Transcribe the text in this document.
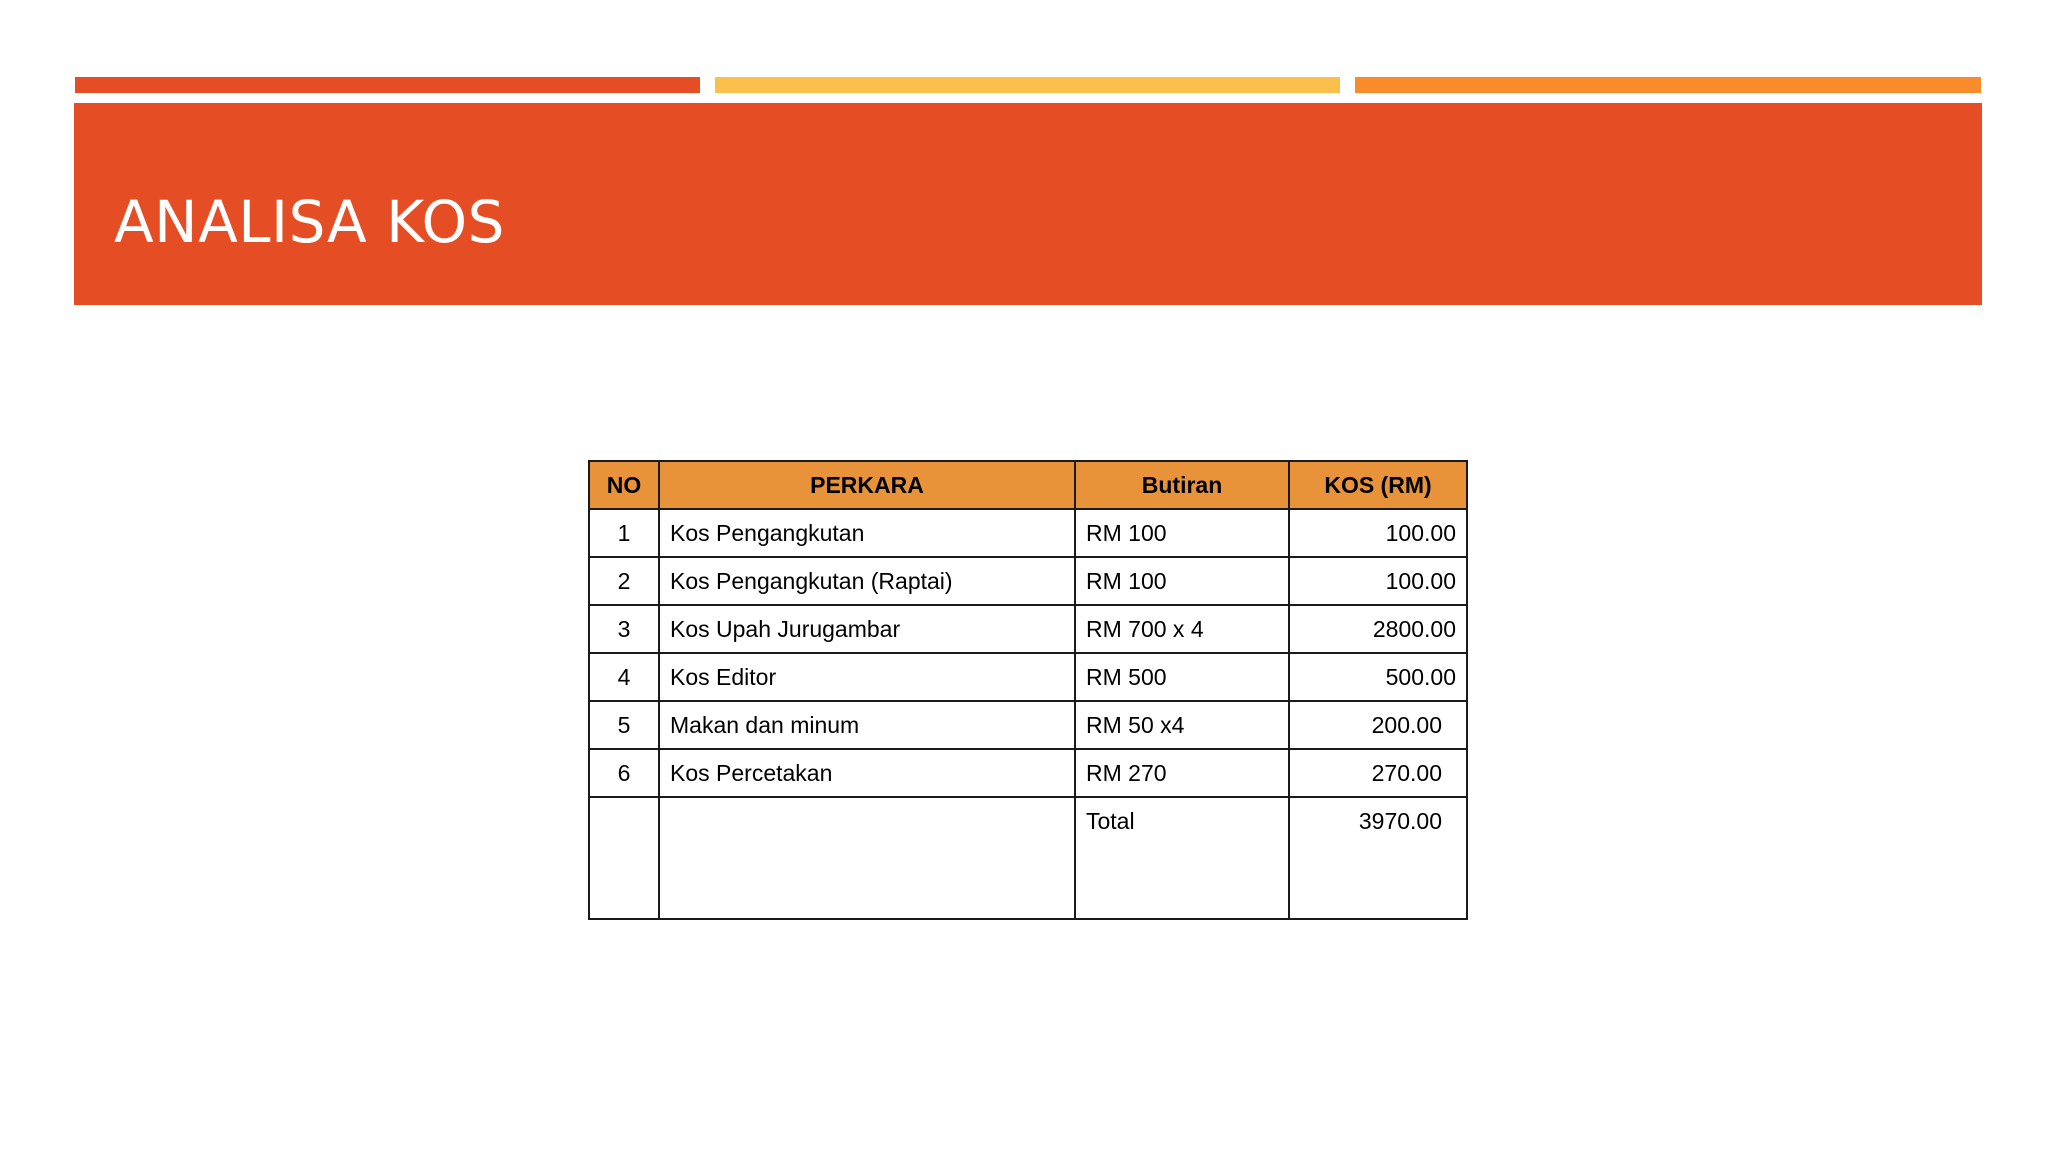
ANALISA KOS
NO	PERKARA	Butiran	KOS (RM)
1	Kos Pengangkutan	RM 100	100.00
2	Kos Pengangkutan (Raptai)	RM 100	100.00
3	Kos Upah Jurugambar	RM 700 x 4	2800.00
4	Kos Editor	RM 500	500.00
5	Makan dan minum	RM 50 x4	200.00
6	Kos Percetakan	RM 270	270.00
		Total	3970.00
